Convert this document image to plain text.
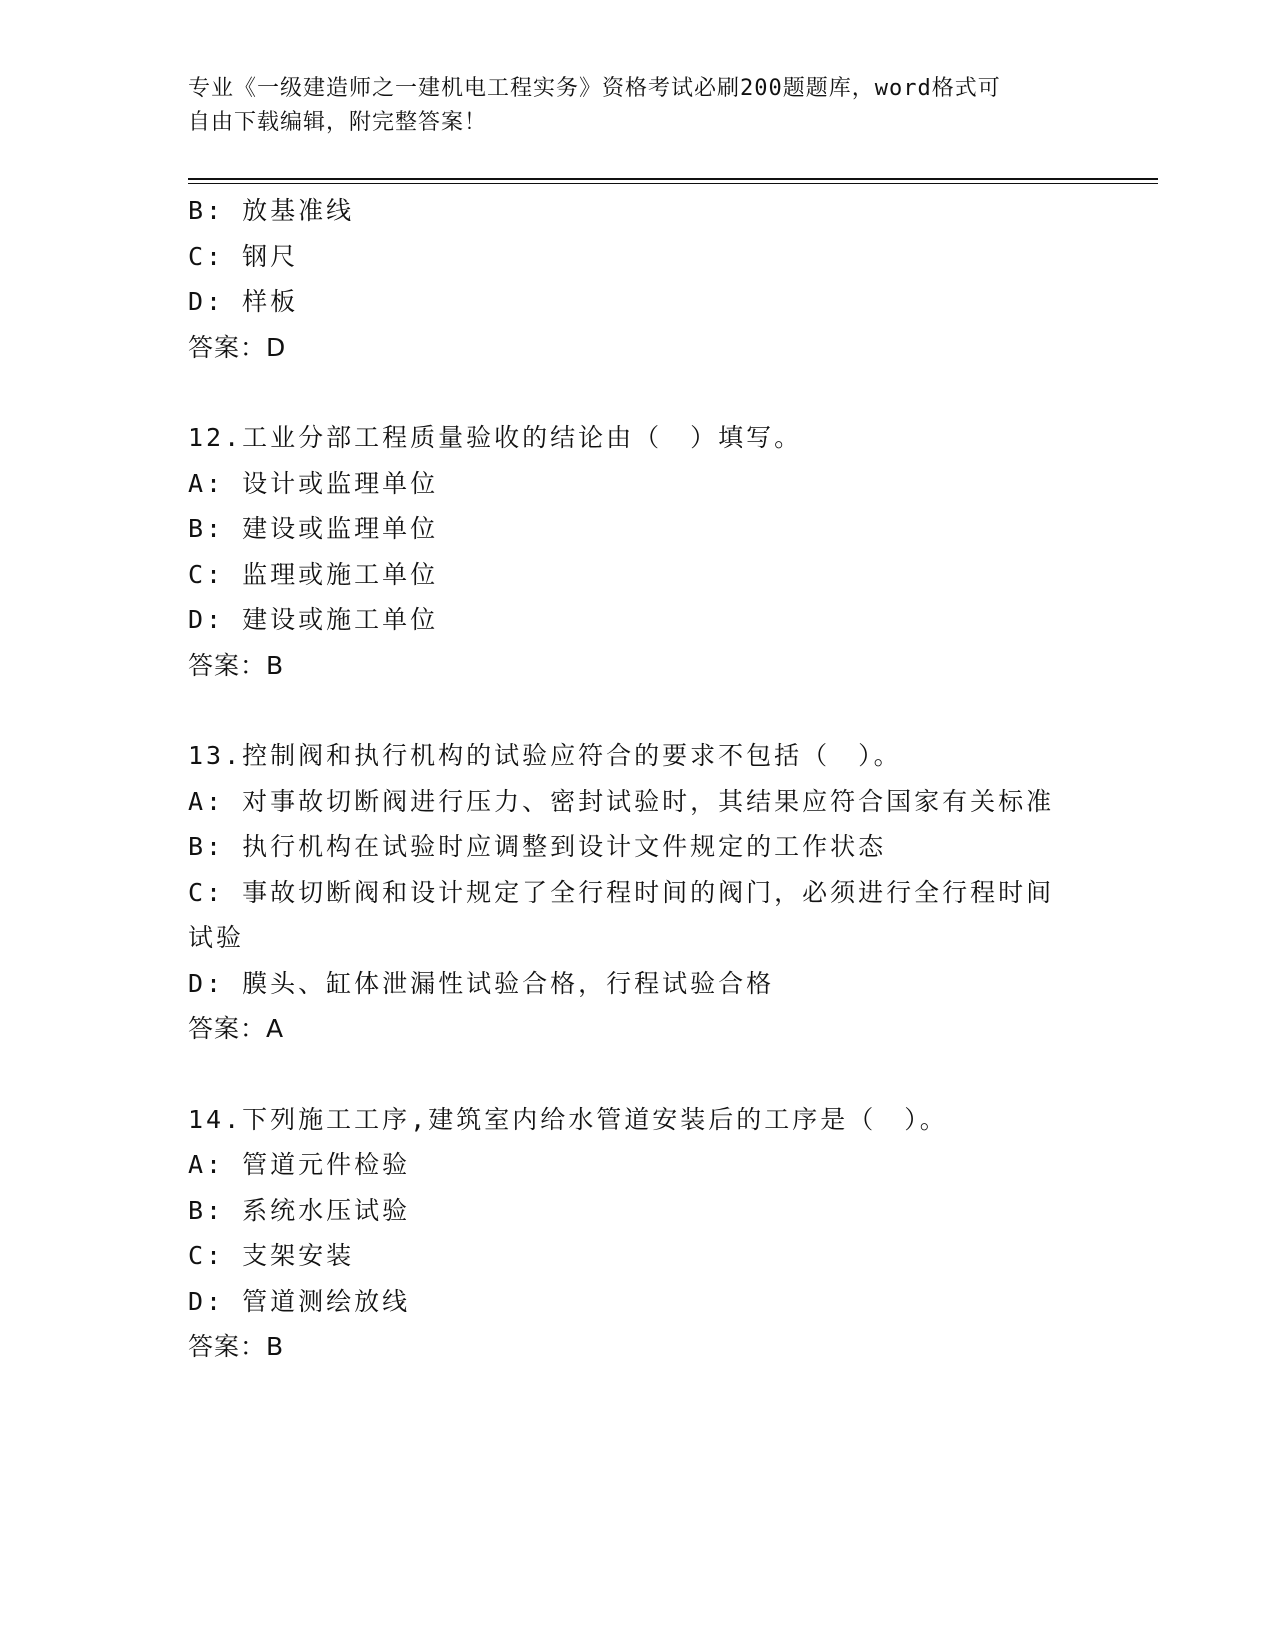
专业《一级建造师之一建机电工程实务》资格考试必刷200题题库，word格式可
自由下载编辑，附完整答案！
B: 放基准线
C: 钢尺
D: 样板
答案：D
12.工业分部工程质量验收的结论由（　）填写。
A: 设计或监理单位
B: 建设或监理单位
C: 监理或施工单位
D: 建设或施工单位
答案：B
13.控制阀和执行机构的试验应符合的要求不包括（　）。
A: 对事故切断阀进行压力、密封试验时，其结果应符合国家有关标准
B: 执行机构在试验时应调整到设计文件规定的工作状态
C: 事故切断阀和设计规定了全行程时间的阀门，必须进行全行程时间
试验
D: 膜头、缸体泄漏性试验合格，行程试验合格
答案：A
14.下列施工工序,建筑室内给水管道安装后的工序是（　）。
A: 管道元件检验
B: 系统水压试验
C: 支架安装
D: 管道测绘放线
答案：B
